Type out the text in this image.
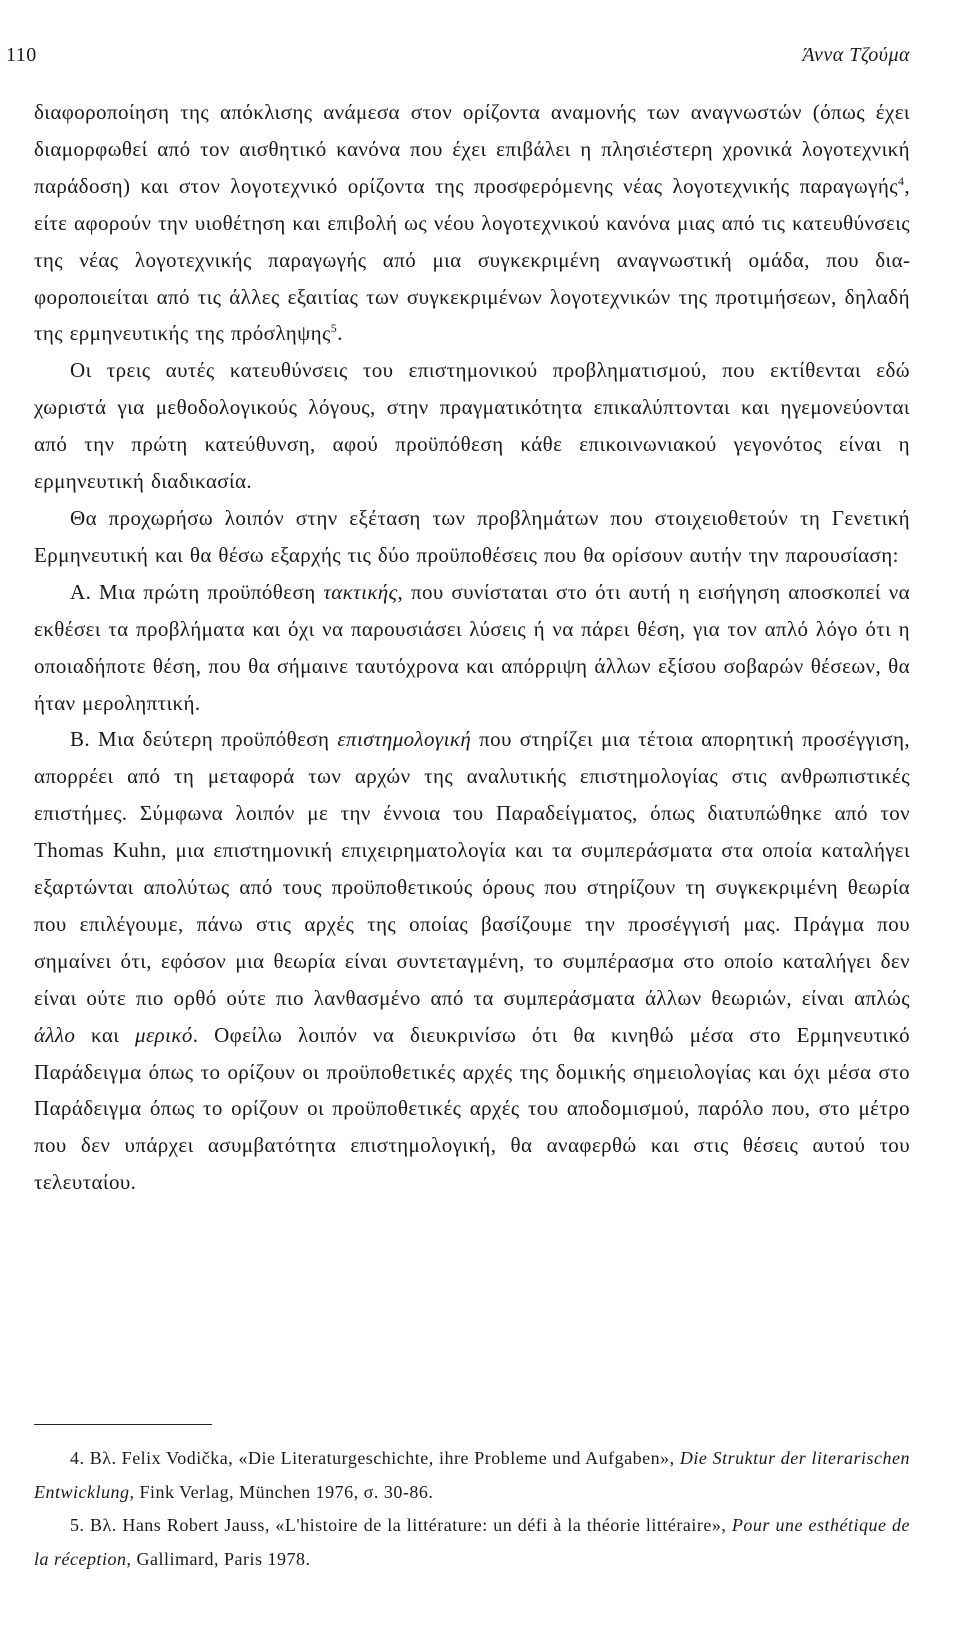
110	Άννα Τζούμα

διαφοροποίηση της απόκλισης ανάμεσα στον ορίζοντα αναμονής των αναγνωστών (όπως έχει διαμορφωθεί από τον αισθητικό κανόνα που έχει επιβάλει η πλησιέστερη χρονικά λογοτεχνική παράδοση) και στον λογοτεχνικό ορίζοντα της προσφερόμενης νέας λογοτεχνικής παραγωγής$^4$, είτε αφορούν την υιοθέτηση και επιβολή ως νέου λογοτεχνικού κανόνα μιας από τις κατευθύνσεις της νέας λογοτεχνικής παραγωγής από μια συγκεκριμένη αναγνωστική ομάδα, που διαφοροποιείται από τις άλλες εξαιτίας των συγκεκριμένων λογοτεχνικών της προτιμήσεων, δηλαδή της ερμηνευτικής της πρόσληψης$^5$.

Οι τρεις αυτές κατευθύνσεις του επιστημονικού προβληματισμού, που εκτίθενται εδώ χωριστά για μεθοδολογικούς λόγους, στην πραγματικότητα επικαλύπτονται και ηγεμονεύονται από την πρώτη κατεύθυνση, αφού προϋπόθεση κάθε επικοινωνιακού γεγονότος είναι η ερμηνευτική διαδικασία.

Θα προχωρήσω λοιπόν στην εξέταση των προβλημάτων που στοιχειοθετούν τη Γενετική Ερμηνευτική και θα θέσω εξαρχής τις δύο προϋποθέσεις που θα ορίσουν αυτήν την παρουσίαση:

Α. Μια πρώτη προϋπόθεση τακτικής, που συνίσταται στο ότι αυτή η εισήγηση αποσκοπεί να εκθέσει τα προβλήματα και όχι να παρουσιάσει λύσεις ή να πάρει θέση, για τον απλό λόγο ότι η οποιαδήποτε θέση, που θα σήμαινε ταυτόχρονα και απόρριψη άλλων εξίσου σοβαρών θέσεων, θα ήταν μεροληπτική.

Β. Μια δεύτερη προϋπόθεση επιστημολογική που στηρίζει μια τέτοια απορητική προσέγγιση, απορρέει από τη μεταφορά των αρχών της αναλυτικής επιστημολογίας στις ανθρωπιστικές επιστήμες. Σύμφωνα λοιπόν με την έννοια του Παραδείγματος, όπως διατυπώθηκε από τον Thomas Kuhn, μια επιστημονική επιχειρηματολογία και τα συμπεράσματα στα οποία καταλήγει εξαρτώνται απολύτως από τους προϋποθετικούς όρους που στηρίζουν τη συγκεκριμένη θεωρία που επιλέγουμε, πάνω στις αρχές της οποίας βασίζουμε την προσέγγισή μας. Πράγμα που σημαίνει ότι, εφόσον μια θεωρία είναι συντεταγμένη, το συμπέρασμα στο οποίο καταλήγει δεν είναι ούτε πιο ορθό ούτε πιο λανθασμένο από τα συμπεράσματα άλλων θεωριών, είναι απλώς άλλο και μερικό. Οφείλω λοιπόν να διευκρινίσω ότι θα κινηθώ μέσα στο Ερμηνευτικό Παράδειγμα όπως το ορίζουν οι προϋποθετικές αρχές της δομικής σημειολογίας και όχι μέσα στο Παράδειγμα όπως το ορίζουν οι προϋποθετικές αρχές του αποδομισμού, παρόλο που, στο μέτρο που δεν υπάρχει ασυμβατότητα επιστημολογική, θα αναφερθώ και στις θέσεις αυτού του τελευταίου.

4. Βλ. Felix Vodička, «Die Literaturgeschichte, ihre Probleme und Aufgaben», Die Struktur der literarischen Entwicklung, Fink Verlag, München 1976, σ. 30-86.

5. Βλ. Hans Robert Jauss, «L'histoire de la littérature: un défi à la théorie littéraire», Pour une esthétique de la réception, Gallimard, Paris 1978.
